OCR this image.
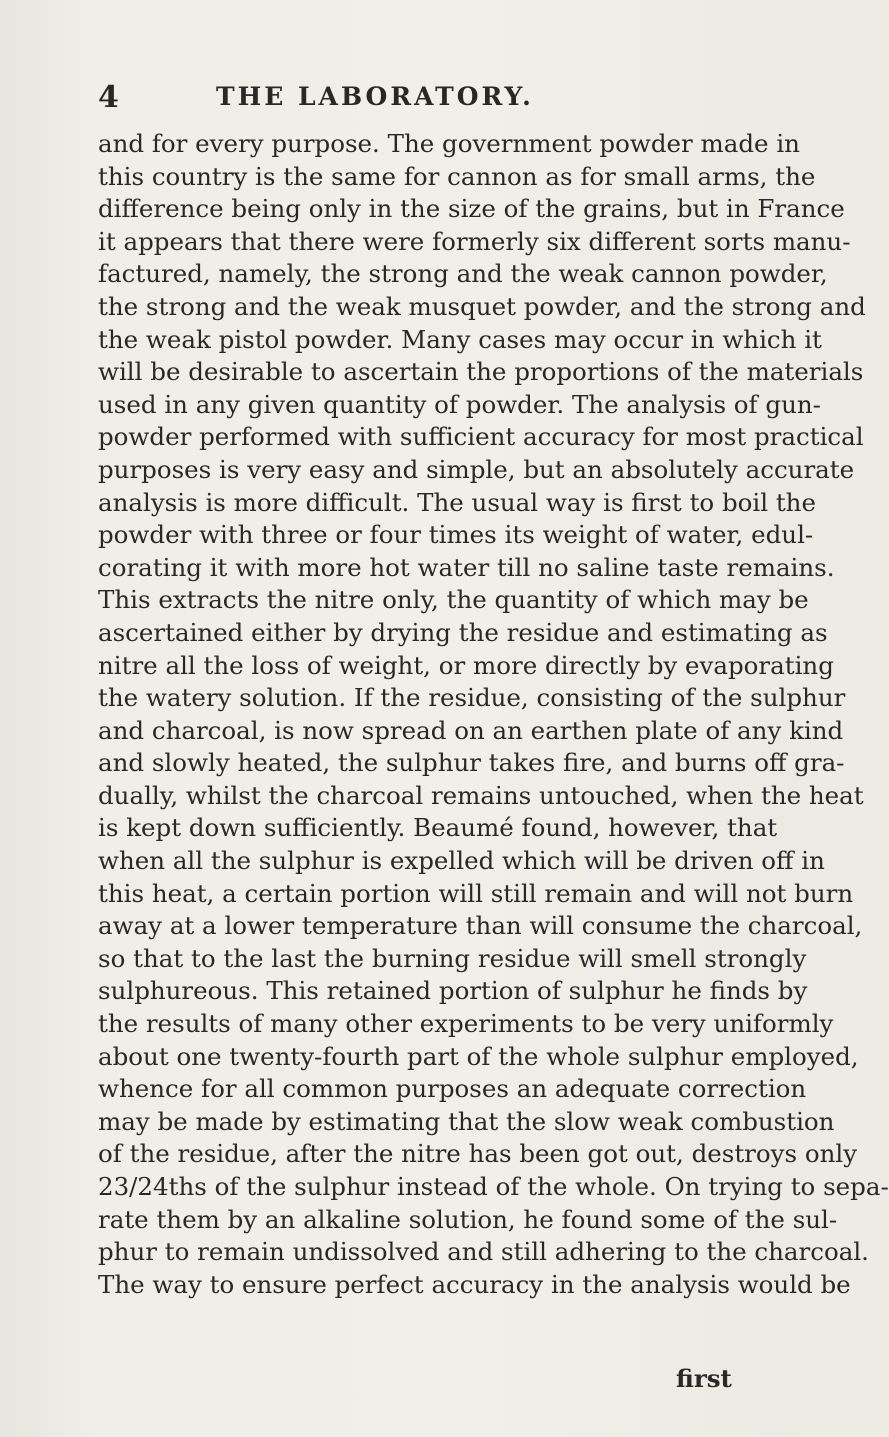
4	THE LABORATORY.
and for every purpose. The government powder made in
this country is the same for cannon as for small arms, the
difference being only in the size of the grains, but in France
it appears that there were formerly six different sorts manu-
factured, namely, the strong and the weak cannon powder,
the strong and the weak musquet powder, and the strong and
the weak pistol powder. Many cases may occur in which it
will be desirable to ascertain the proportions of the materials
used in any given quantity of powder. The analysis of gun-
powder performed with sufficient accuracy for most practical
purposes is very easy and simple, but an absolutely accurate
analysis is more difficult. The usual way is first to boil the
powder with three or four times its weight of water, edul-
corating it with more hot water till no saline taste remains.
This extracts the nitre only, the quantity of which may be
ascertained either by drying the residue and estimating as
nitre all the loss of weight, or more directly by evaporating
the watery solution. If the residue, consisting of the sulphur
and charcoal, is now spread on an earthen plate of any kind
and slowly heated, the sulphur takes fire, and burns off gra-
dually, whilst the charcoal remains untouched, when the heat
is kept down sufficiently. Beaumé found, however, that
when all the sulphur is expelled which will be driven off in
this heat, a certain portion will still remain and will not burn
away at a lower temperature than will consume the charcoal,
so that to the last the burning residue will smell strongly
sulphureous. This retained portion of sulphur he finds by
the results of many other experiments to be very uniformly
about one twenty-fourth part of the whole sulphur employed,
whence for all common purposes an adequate correction
may be made by estimating that the slow weak combustion
of the residue, after the nitre has been got out, destroys only
23/24ths of the sulphur instead of the whole. On trying to sepa-
rate them by an alkaline solution, he found some of the sul-
phur to remain undissolved and still adhering to the charcoal.
The way to ensure perfect accuracy in the analysis would be
first
